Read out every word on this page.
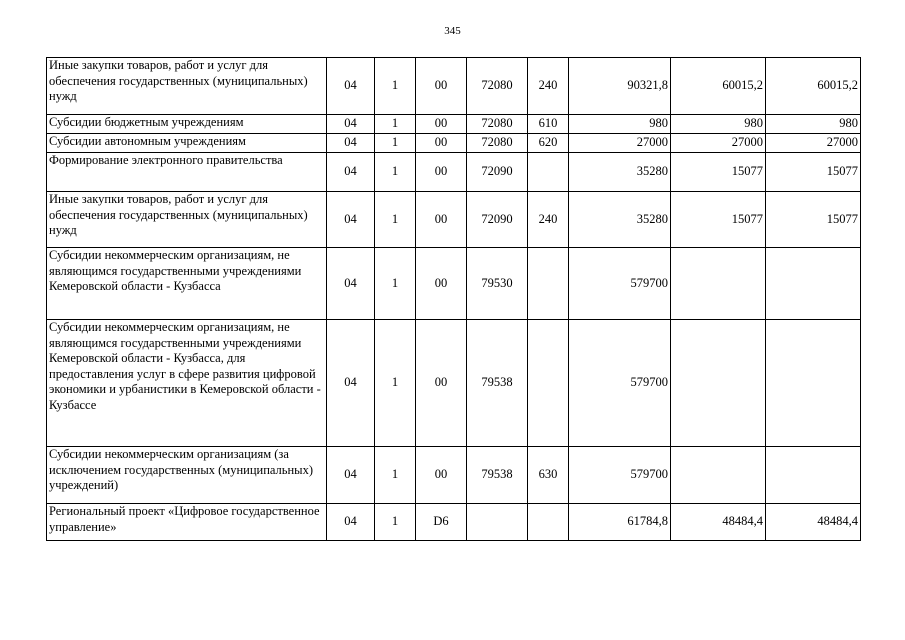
345
Иные закупки товаров, работ и услуг для обеспечения государственных (муниципальных) нужд	04	1	00	72080	240	90321,8	60015,2	60015,2
Субсидии бюджетным учреждениям	04	1	00	72080	610	980	980	980
Субсидии автономным учреждениям	04	1	00	72080	620	27000	27000	27000
Формирование электронного правительства	04	1	00	72090		35280	15077	15077
Иные закупки товаров, работ и услуг для обеспечения государственных (муниципальных) нужд	04	1	00	72090	240	35280	15077	15077
Субсидии некоммерческим организациям, не являющимся государственными учреждениями Кемеровской области - Кузбасса	04	1	00	79530		579700		
Субсидии некоммерческим организациям, не являющимся государственными учреждениями Кемеровской области - Кузбасса, для предоставления услуг в сфере развития цифровой экономики и урбанистики в Кемеровской области - Кузбассе	04	1	00	79538		579700		
Субсидии некоммерческим организациям (за исключением государственных (муниципальных) учреждений)	04	1	00	79538	630	579700		
Региональный проект «Цифровое государственное управление»	04	1	D6			61784,8	48484,4	48484,4
